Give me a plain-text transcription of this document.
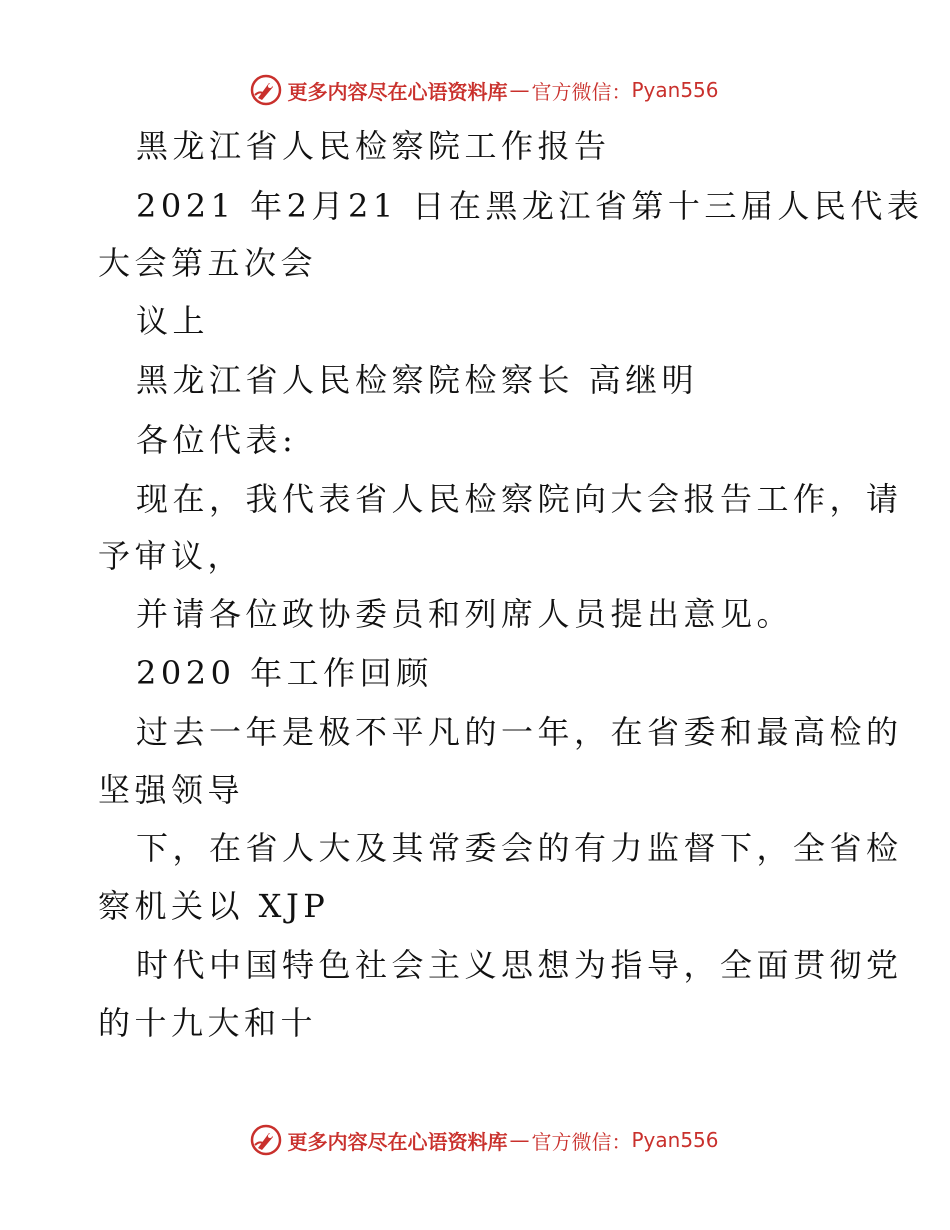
更多内容尽在心语资料库 — 官方微信： Pyan556
黑龙江省人民检察院工作报告
2021 年2月21 日在黑龙江省第十三届人民代表
大会第五次会
议上
黑龙江省人民检察院检察长 高继明
各位代表:
现在，我代表省人民检察院向大会报告工作，请
予审议，
并请各位政协委员和列席人员提出意见。
2020 年工作回顾
过去一年是极不平凡的一年，在省委和最高检的
坚强领导
下，在省人大及其常委会的有力监督下，全省检
察机关以 XJP
时代中国特色社会主义思想为指导，全面贯彻党
的十九大和十
更多内容尽在心语资料库 — 官方微信： Pyan556
